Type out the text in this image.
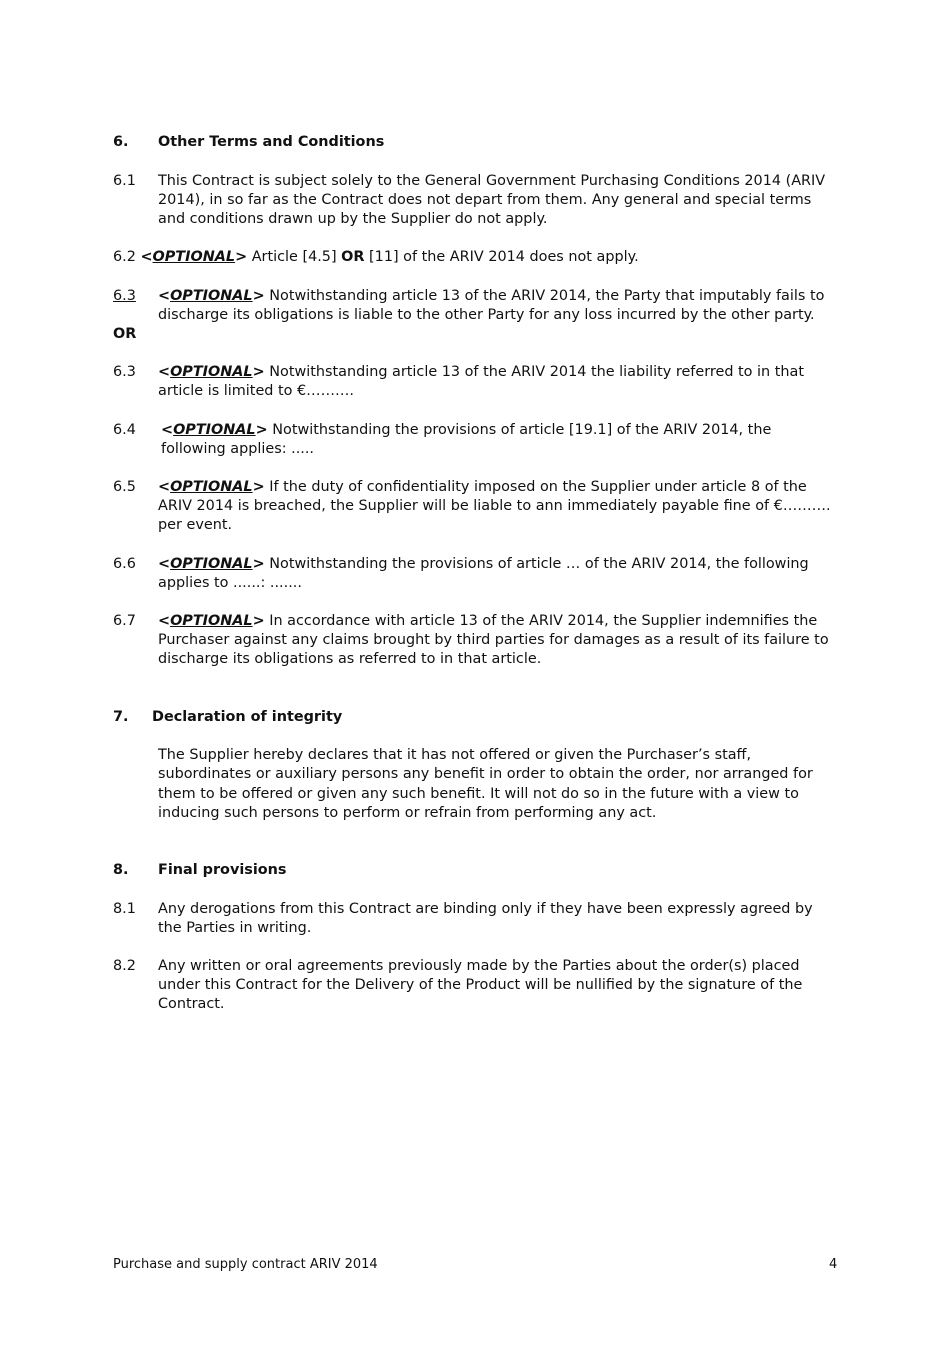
6. Other Terms and Conditions
6.1 This Contract is subject solely to the General Government Purchasing Conditions 2014 (ARIV
2014), in so far as the Contract does not depart from them. Any general and special terms
and conditions drawn up by the Supplier do not apply.
6.2 <OPTIONAL> Article [4.5] OR [11] of the ARIV 2014 does not apply.
6.3	<OPTIONAL> Notwithstanding article 13 of the ARIV 2014, the Party that imputably fails to
discharge its obligations is liable to the other Party for any loss incurred by the other party.
OR
6.3 <OPTIONAL> Notwithstanding article 13 of the ARIV 2014 the liability referred to in that
article is limited to €……….
6.4 <OPTIONAL> Notwithstanding the provisions of article [19.1] of the ARIV 2014, the
following applies: .....
6.5 <OPTIONAL> If the duty of confidentiality imposed on the Supplier under article 8 of the
ARIV 2014 is breached, the Supplier will be liable to ann immediately payable fine of €……….
per event.
6.6 <OPTIONAL> Notwithstanding the provisions of article … of the ARIV 2014, the following
applies to ......: .......
6.7 <OPTIONAL> In accordance with article 13 of the ARIV 2014, the Supplier indemnifies the
Purchaser against any claims brought by third parties for damages as a result of its failure to
discharge its obligations as referred to in that article.
7. Declaration of integrity
The Supplier hereby declares that it has not offered or given the Purchaser’s staff,
subordinates or auxiliary persons any benefit in order to obtain the order, nor arranged for
them to be offered or given any such benefit. It will not do so in the future with a view to
inducing such persons to perform or refrain from performing any act.
8. Final provisions
8.1 Any derogations from this Contract are binding only if they have been expressly agreed by
the Parties in writing.
8.2 Any written or oral agreements previously made by the Parties about the order(s) placed
under this Contract for the Delivery of the Product will be nullified by the signature of the
Contract.
Purchase and supply contract ARIV 2014	4
